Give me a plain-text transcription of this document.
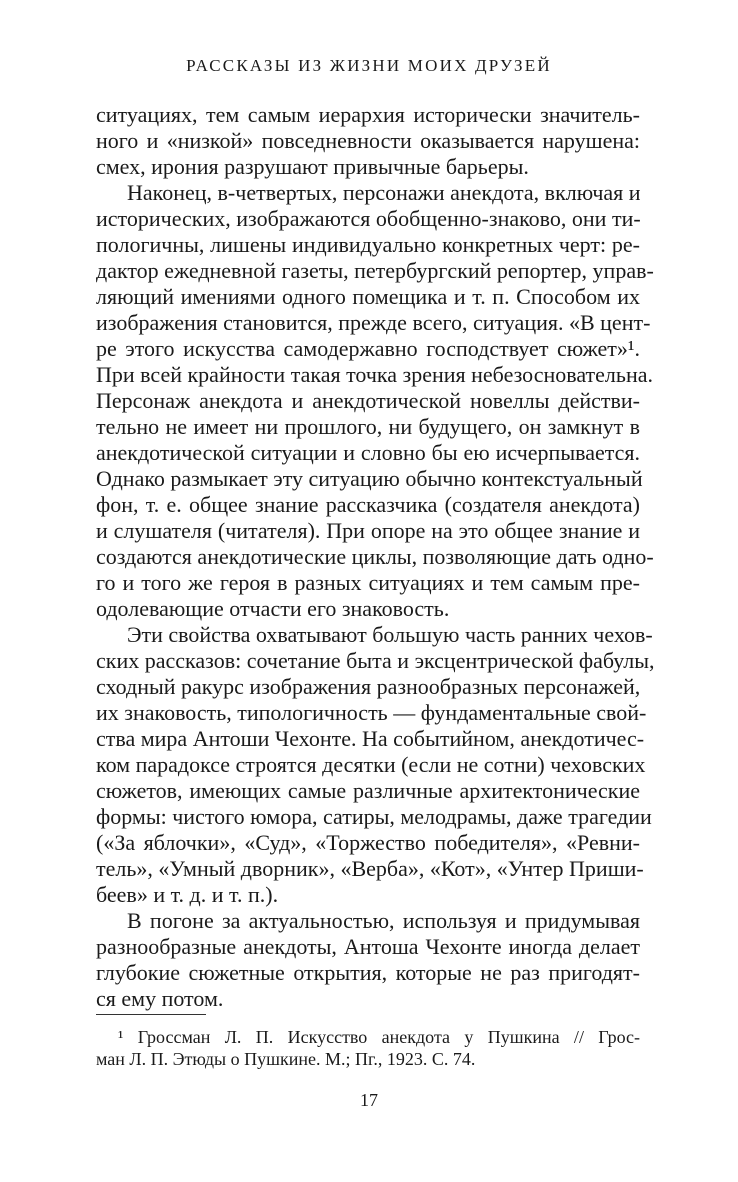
РАССКАЗЫ ИЗ ЖИЗНИ МОИХ ДРУЗЕЙ
ситуациях, тем самым иерархия исторически значитель-
ного и «низкой» повседневности оказывается нарушена:
смех, ирония разрушают привычные барьеры.
Наконец, в-четвертых, персонажи анекдота, включая и
исторических, изображаются обобщенно-знаково, они ти-
пологичны, лишены индивидуально конкретных черт: ре-
дактор ежедневной газеты, петербургский репортер, управ-
ляющий имениями одного помещика и т. п. Способом их
изображения становится, прежде всего, ситуация. «В цент-
ре этого искусства самодержавно господствует сюжет»¹.
При всей крайности такая точка зрения небезосновательна.
Персонаж анекдота и анекдотической новеллы действи-
тельно не имеет ни прошлого, ни будущего, он замкнут в
анекдотической ситуации и словно бы ею исчерпывается.
Однако размыкает эту ситуацию обычно контекстуальный
фон, т. е. общее знание рассказчика (создателя анекдота)
и слушателя (читателя). При опоре на это общее знание и
создаются анекдотические циклы, позволяющие дать одно-
го и того же героя в разных ситуациях и тем самым пре-
одолевающие отчасти его знаковость.
Эти свойства охватывают большую часть ранних чехов-
ских рассказов: сочетание быта и эксцентрической фабулы,
сходный ракурс изображения разнообразных персонажей,
их знаковость, типологичность — фундаментальные свой-
ства мира Антоши Чехонте. На событийном, анекдотичес-
ком парадоксе строятся десятки (если не сотни) чеховских
сюжетов, имеющих самые различные архитектонические
формы: чистого юмора, сатиры, мелодрамы, даже трагедии
(«За яблочки», «Суд», «Торжество победителя», «Ревни-
тель», «Умный дворник», «Верба», «Кот», «Унтер Приши-
беев» и т. д. и т. п.).
В погоне за актуальностью, используя и придумывая
разнообразные анекдоты, Антоша Чехонте иногда делает
глубокие сюжетные открытия, которые не раз пригодят-
ся ему потом.
¹ Гроссман Л. П. Искусство анекдота у Пушкина // Грос-
ман Л. П. Этюды о Пушкине. М.; Пг., 1923. С. 74.
17
